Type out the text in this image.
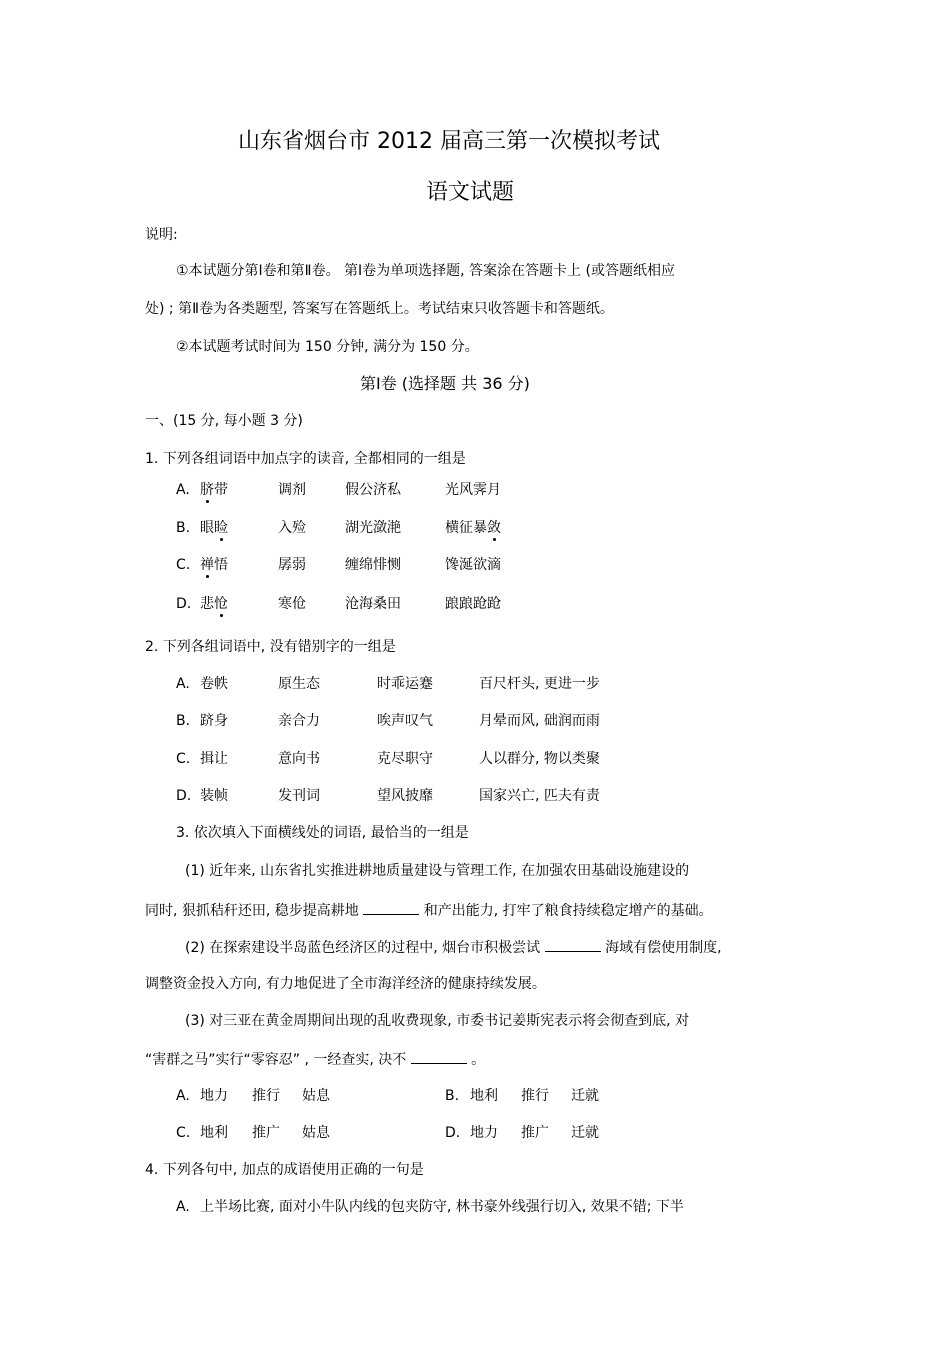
山东省烟台市 2012 届高三第一次模拟考试
语文试题
说明:
①本试题分第Ⅰ卷和第Ⅱ卷。 第Ⅰ卷为单项选择题, 答案涂在答题卡上 (或答题纸相应
处) ; 第Ⅱ卷为各类题型, 答案写在答题纸上。考试结束只收答题卡和答题纸。
②本试题考试时间为 150 分钟, 满分为 150 分。
第Ⅰ卷 (选择题 共 36 分)
一、(15 分, 每小题 3 分)
1. 下列各组词语中加点字的读音, 全都相同的一组是
A. 脐带	调剂	假公济私	光风霁月
B. 眼睑	入殓	湖光潋滟	横征暴敛
C. 禅悟	孱弱	缠绵悱恻	馋涎欲滴
D. 悲怆	寒伧	沧海桑田	踉踉跄跄
2. 下列各组词语中, 没有错别字的一组是
A. 卷帙	原生态	时乖运蹇	百尺杆头, 更进一步
B. 跻身	亲合力	唉声叹气	月晕而风, 础润而雨
C. 揖让	意向书	克尽职守	人以群分, 物以类聚
D. 装帧	发刊词	望风披靡	国家兴亡, 匹夫有责
3. 依次填入下面横线处的词语, 最恰当的一组是
(1) 近年来, 山东省扎实推进耕地质量建设与管理工作, 在加强农田基础设施建设的
同时, 狠抓秸秆还田, 稳步提高耕地	和产出能力, 打牢了粮食持续稳定增产的基础。
(2) 在探索建设半岛蓝色经济区的过程中, 烟台市积极尝试	海域有偿使用制度,
调整资金投入方向, 有力地促进了全市海洋经济的健康持续发展。
(3) 对三亚在黄金周期间出现的乱收费现象, 市委书记姜斯宪表示将会彻查到底, 对
“害群之马”实行“零容忍” , 一经查实, 决不	。
A. 地力 推行 姑息	B. 地利 推行 迁就
C. 地利 推广 姑息	D. 地力 推广 迁就
4. 下列各句中, 加点的成语使用正确的一句是
A. 上半场比赛, 面对小牛队内线的包夹防守, 林书豪外线强行切入, 效果不错; 下半
